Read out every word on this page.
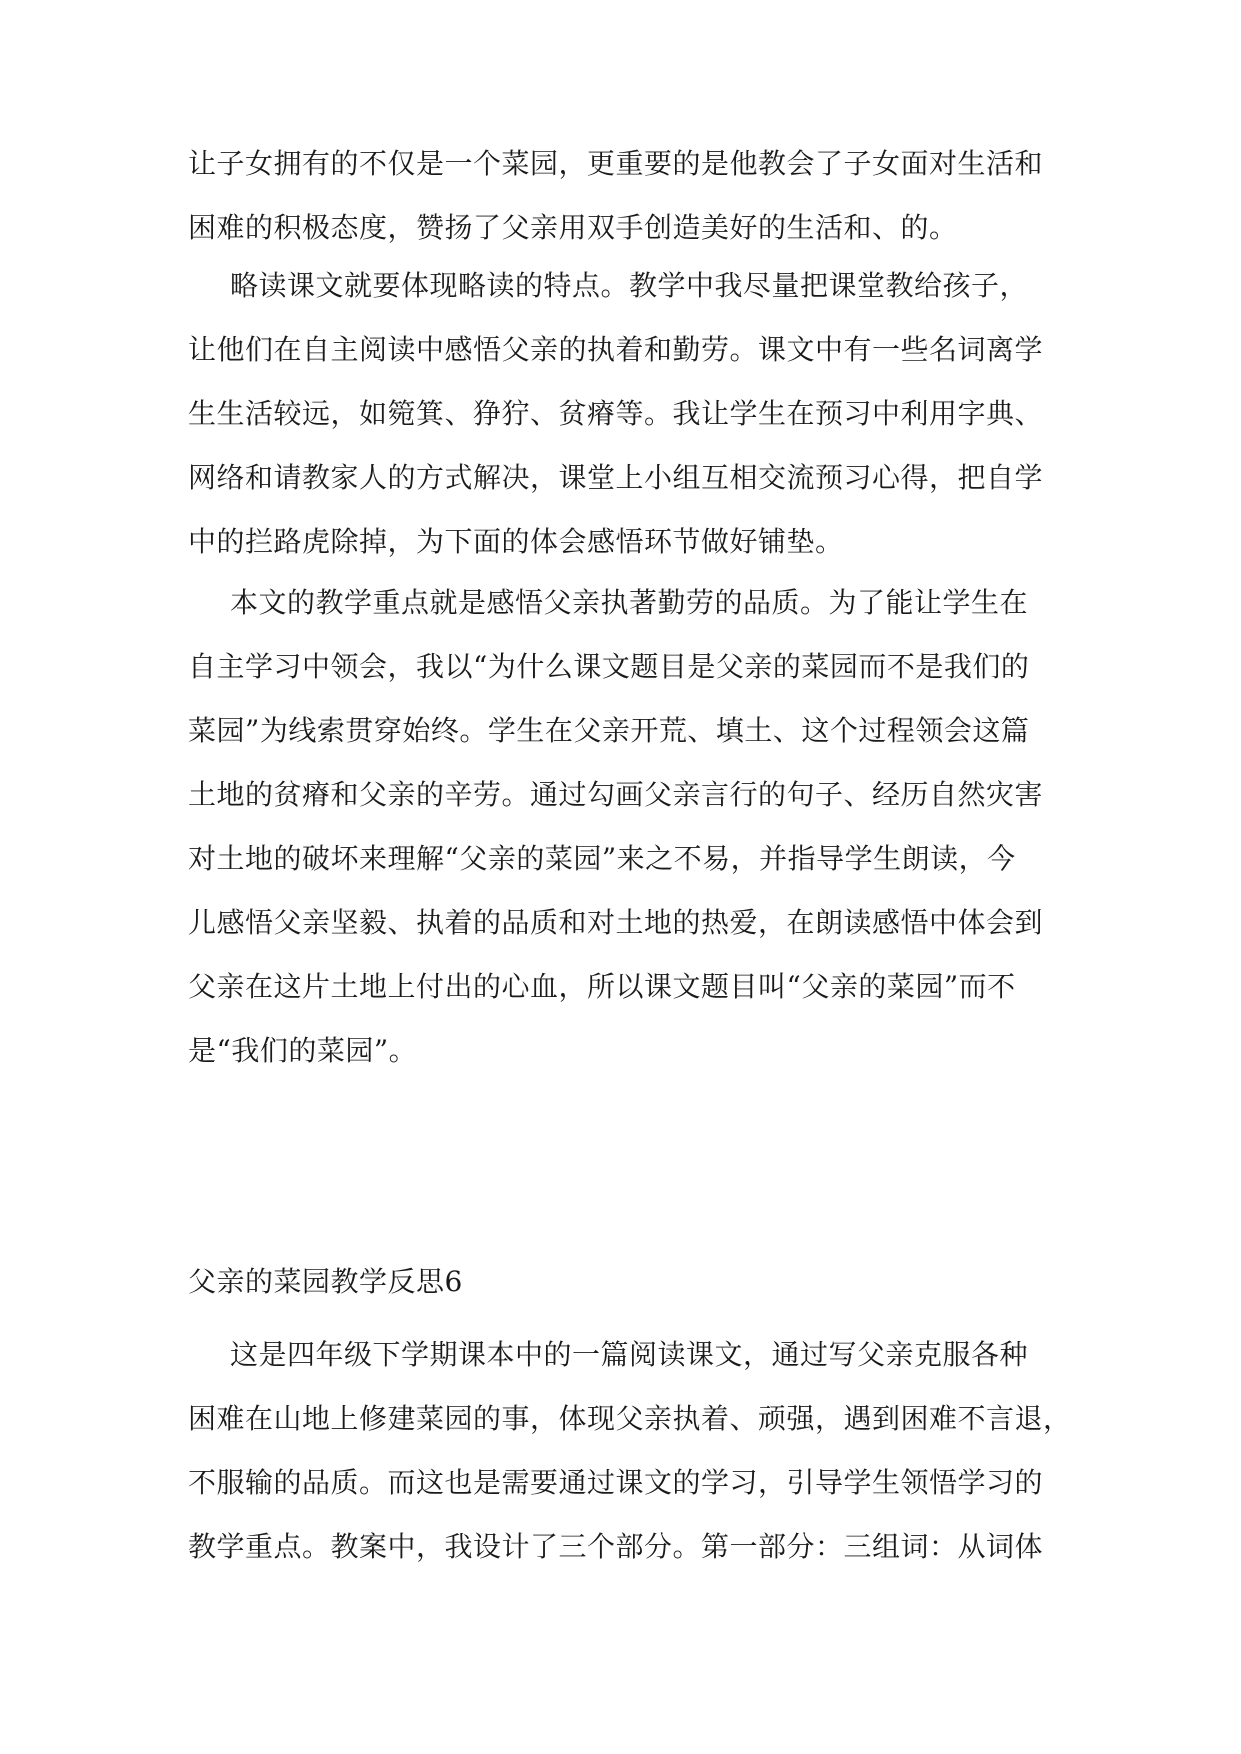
让子女拥有的不仅是一个菜园，更重要的是他教会了子女面对生活和
困难的积极态度，赞扬了父亲用双手创造美好的生活和、的。
略读课文就要体现略读的特点。教学中我尽量把课堂教给孩子，
让他们在自主阅读中感悟父亲的执着和勤劳。课文中有一些名词离学
生生活较远，如箢箕、狰狞、贫瘠等。我让学生在预习中利用字典、
网络和请教家人的方式解决，课堂上小组互相交流预习心得，把自学
中的拦路虎除掉，为下面的体会感悟环节做好铺垫。
本文的教学重点就是感悟父亲执著勤劳的品质。为了能让学生在
自主学习中领会，我以“为什么课文题目是父亲的菜园而不是我们的
菜园”为线索贯穿始终。学生在父亲开荒、填土、这个过程领会这篇
土地的贫瘠和父亲的辛劳。通过勾画父亲言行的句子、经历自然灾害
对土地的破坏来理解“父亲的菜园”来之不易，并指导学生朗读，今
儿感悟父亲坚毅、执着的品质和对土地的热爱，在朗读感悟中体会到
父亲在这片土地上付出的心血，所以课文题目叫“父亲的菜园”而不
是“我们的菜园”。
父亲的菜园教学反思6
这是四年级下学期课本中的一篇阅读课文，通过写父亲克服各种
困难在山地上修建菜园的事，体现父亲执着、顽强，遇到困难不言退，
不服输的品质。而这也是需要通过课文的学习，引导学生领悟学习的
教学重点。教案中，我设计了三个部分。第一部分：三组词：从词体
